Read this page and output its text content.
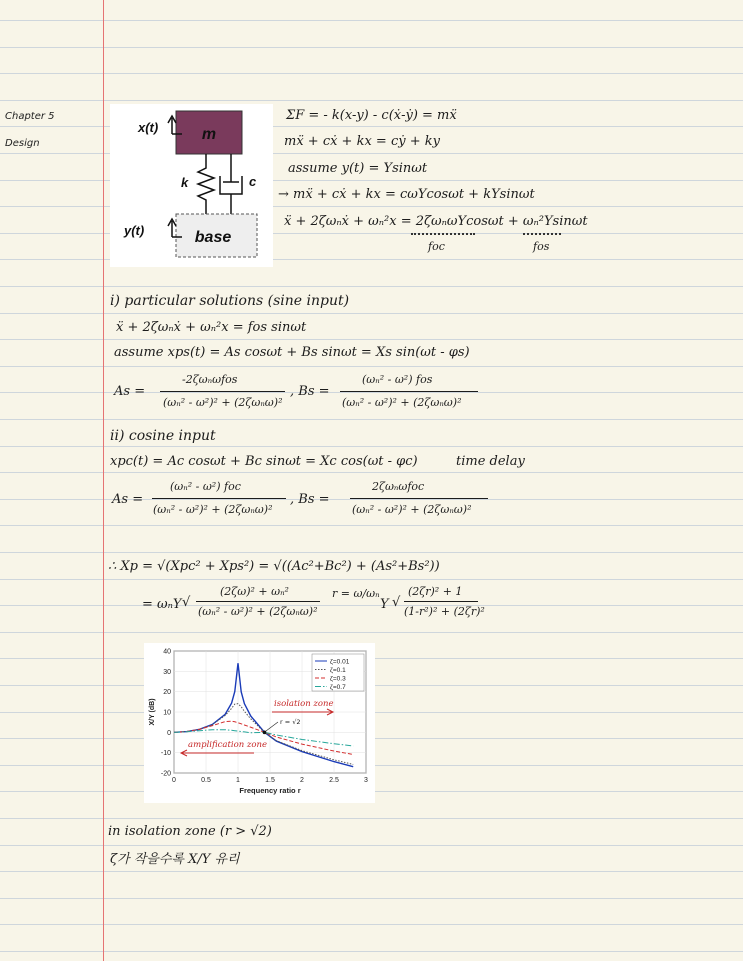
Chapter 5
Design
m
x(t)
k	c
base
y(t)
ΣF = - k(x-y) - c(ẋ-ẏ) = mẍ
mẍ + cẋ + kx = cẏ + ky
assume y(t) = Ysinωt
→ mẍ + cẋ + kx = cωYcosωt + kYsinωt
ẍ + 2ζωₙẋ + ωₙ²x = 2ζωₙωYcosωt + ωₙ²Ysinωt
foc	fos
i) particular solutions (sine input)
ẍ + 2ζωₙẋ + ωₙ²x = fos sinωt
assume xps(t) = As cosωt + Bs sinωt = Xs sin(ωt - φs)
As =
-2ζωₙωfos
(ωₙ² - ω²)² + (2ζωₙω)²
, Bs =
(ωₙ² - ω²) fos
(ωₙ² - ω²)² + (2ζωₙω)²
ii) cosine input
xpc(t) = Ac cosωt + Bc sinωt = Xc cos(ωt - φc)	time delay
As =
(ωₙ² - ω²) foc
(ωₙ² - ω²)² + (2ζωₙω)²
, Bs =
2ζωₙωfoc
(ωₙ² - ω²)² + (2ζωₙω)²
∴ Xp = √(Xpc² + Xps²) = √((Ac²+Bc²) + (As²+Bs²))
= ωₙY √
(2ζω)² + ωₙ²
(ωₙ² - ω²)² + (2ζωₙω)²
r = ω/ωₙ
Y √
(2ζr)² + 1
(1-r²)² + (2ζr)²
0	0.5	1	1.5	2	2.5	3
40
30
20
10
0
-10
-20
Frequency ratio r
X/Y (dB)
ζ=0.01
ζ=0.1
ζ=0.3
ζ=0.7
isolation zone
r = √2
amplification zone
in isolation zone (r > √2)
ζ가 작을수록 X/Y 유리
